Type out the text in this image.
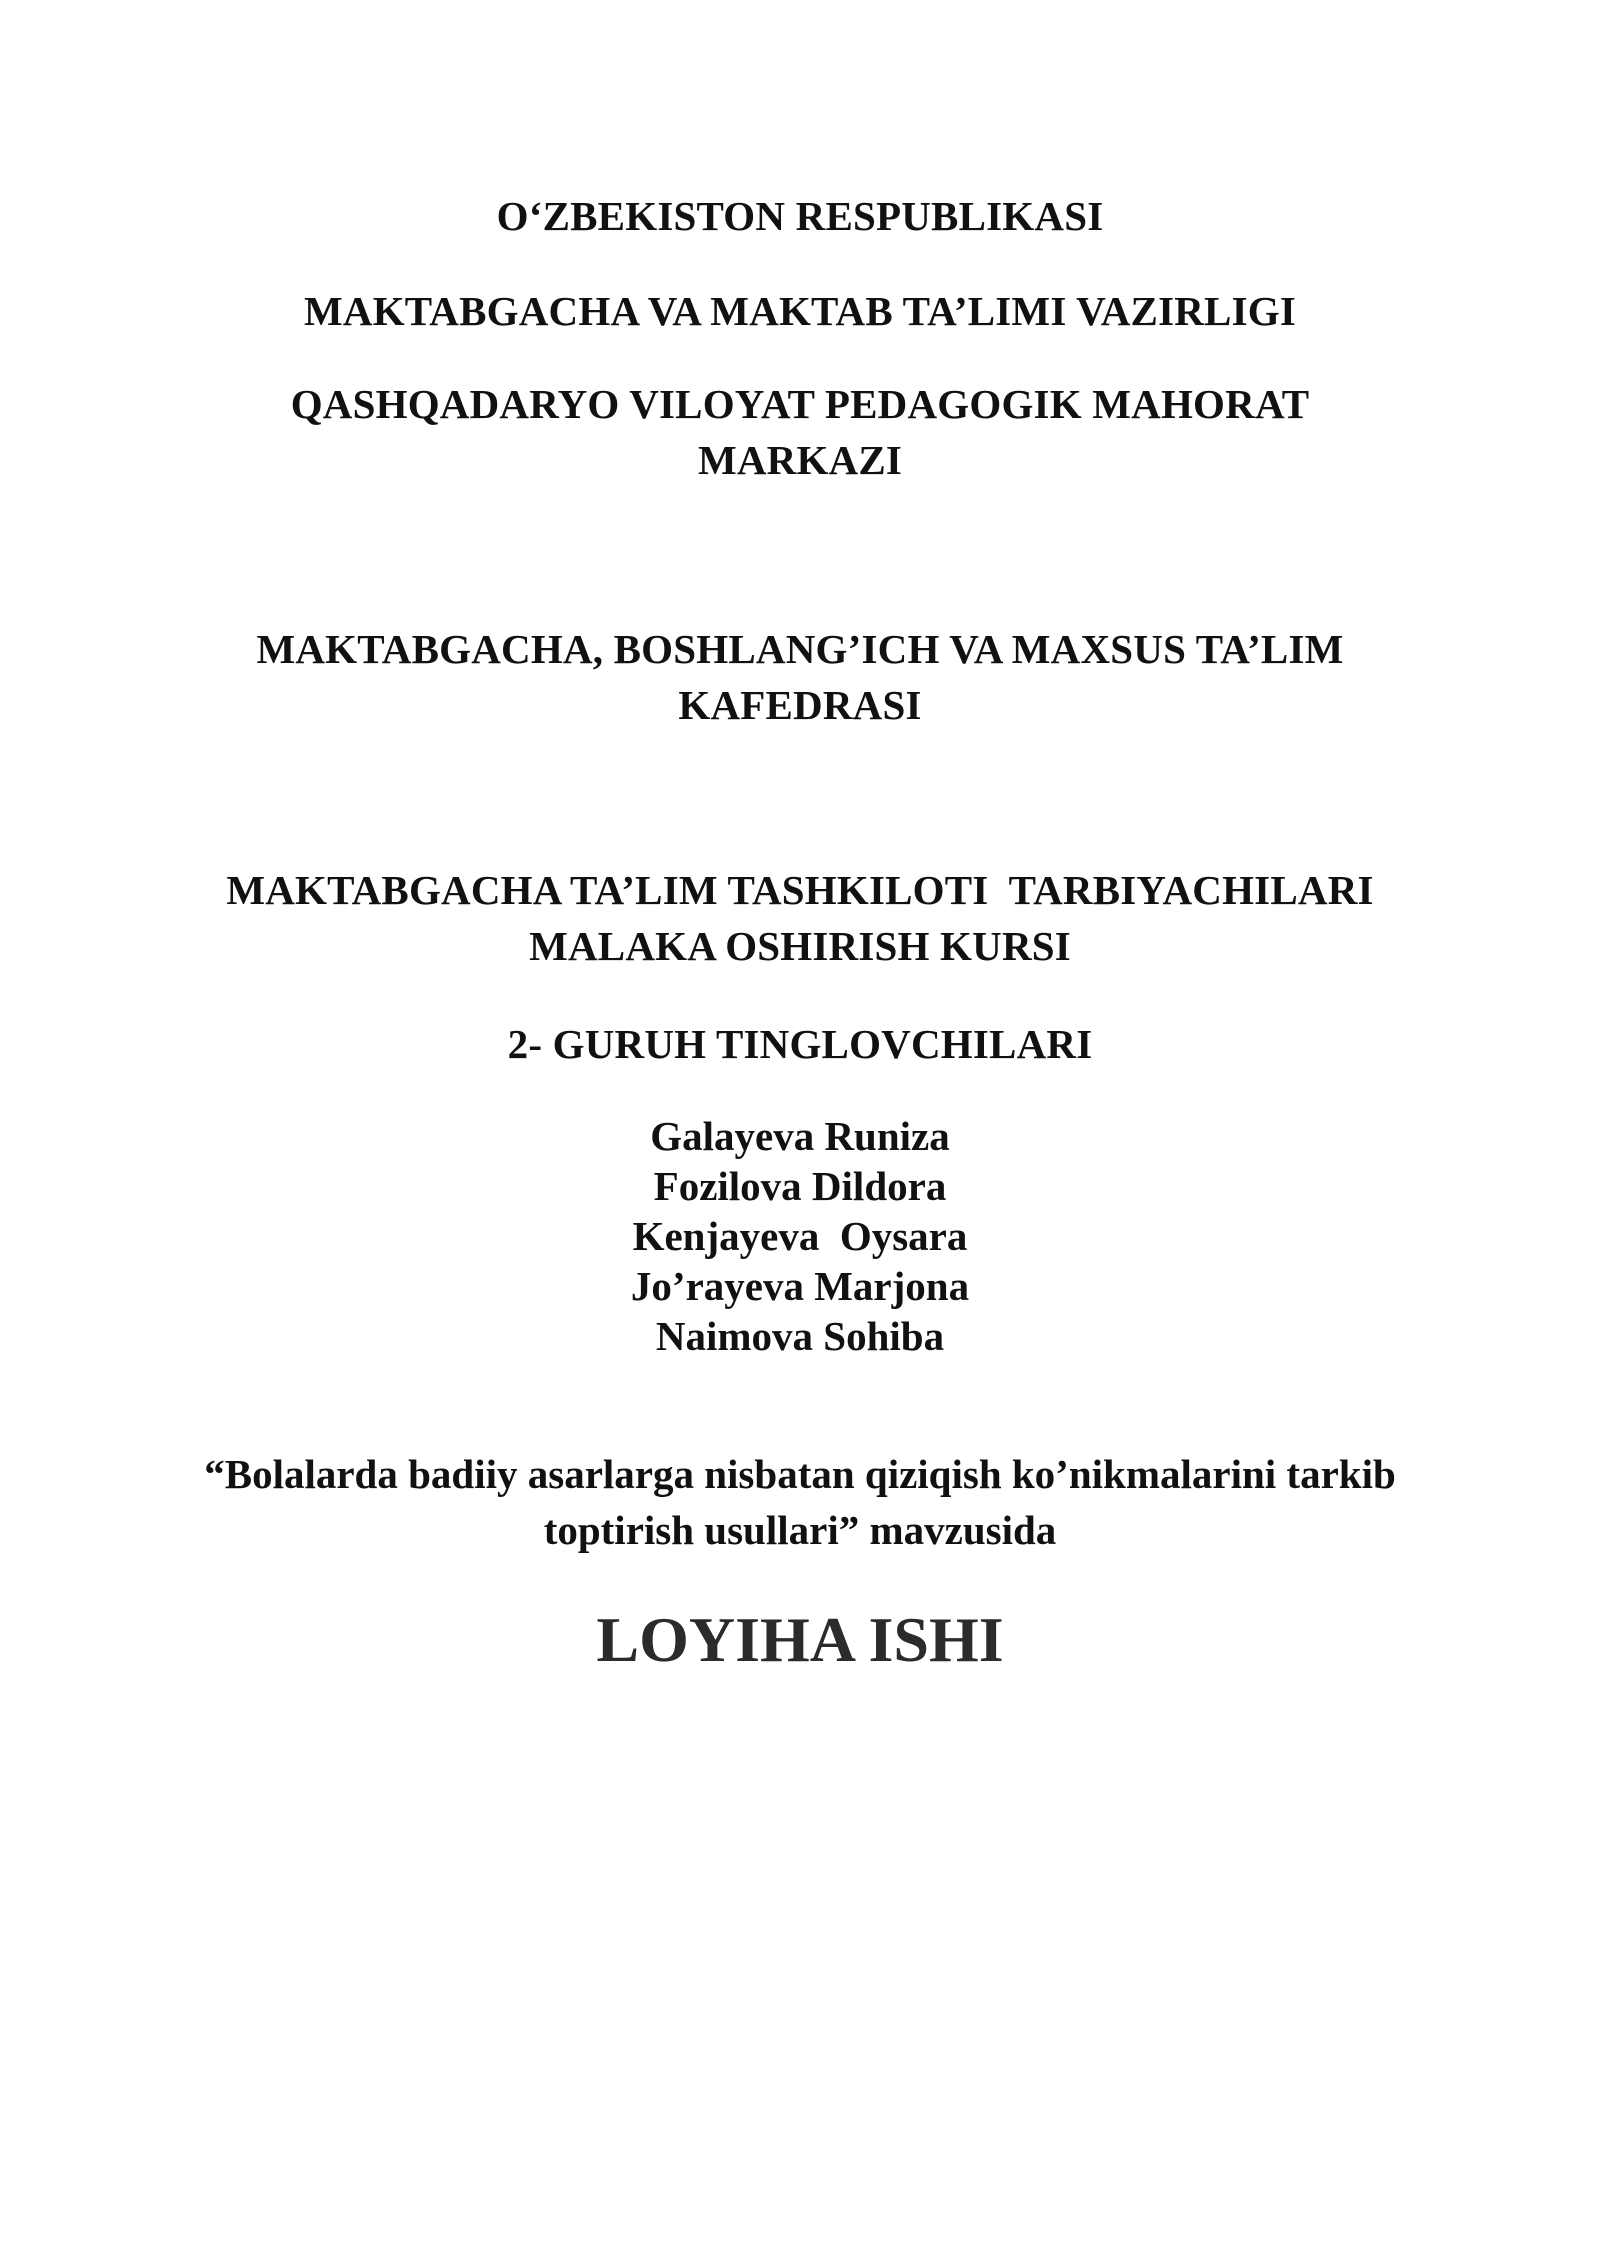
O‘ZBEKISTON RESPUBLIKASI
MAKTABGACHA VA MAKTAB TA’LIMI VAZIRLIGI
QASHQADARYO VILOYAT PEDAGOGIK MAHORAT
MARKAZI
MAKTABGACHA, BOSHLANG’ICH VA MAXSUS TA’LIM
KAFEDRASI
MAKTABGACHA TA’LIM TASHKILOTI  TARBIYACHILARI
MALAKA OSHIRISH KURSI
2- GURUH TINGLOVCHILARI
Galayeva Runiza
Fozilova Dildora
Kenjayeva  Oysara
Jo’rayeva Marjona
Naimova Sohiba
“Bolalarda badiiy asarlarga nisbatan qiziqish ko’nikmalarini tarkib
toptirish usullari” mavzusida
LOYIHA ISHI
